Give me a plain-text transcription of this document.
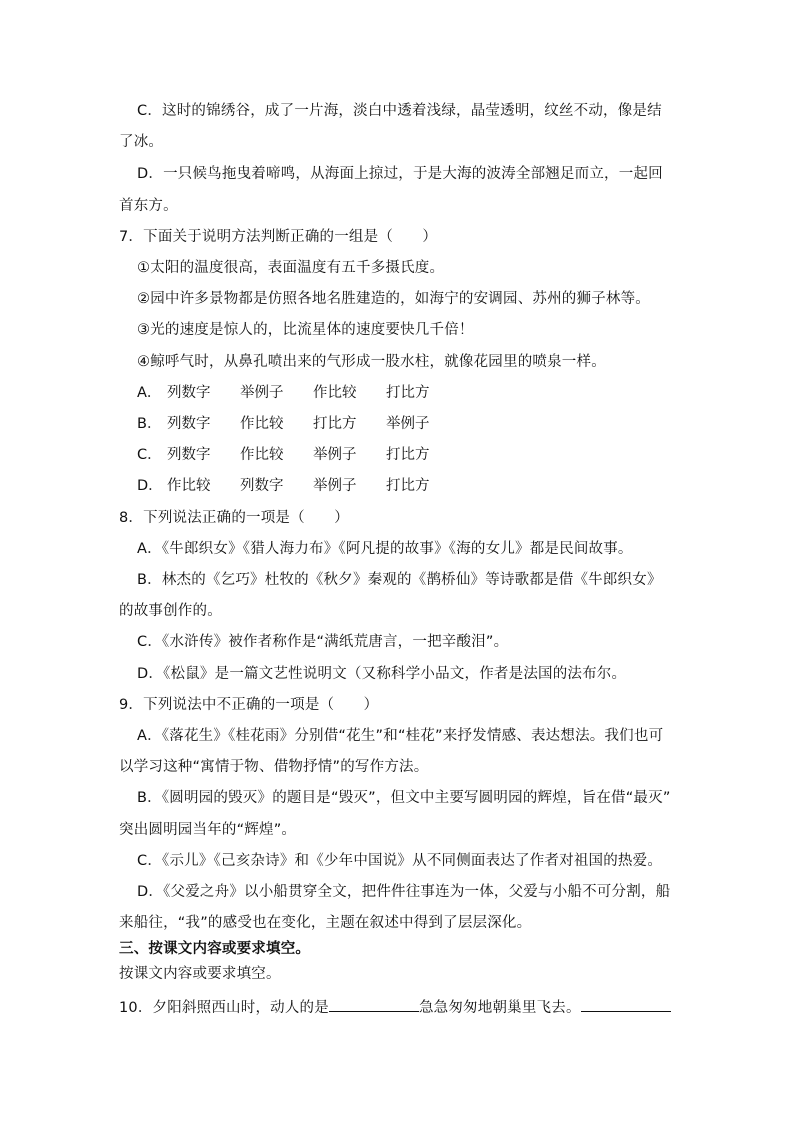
C．这时的锦绣谷，成了一片海，淡白中透着浅绿，晶莹透明，纹丝不动，像是结
了冰。
D．一只候鸟拖曳着啼鸣，从海面上掠过，于是大海的波涛全部翘足而立，一起回
首东方。
7．下面关于说明方法判断正确的一组是（　　）
①太阳的温度很高，表面温度有五千多摄氏度。
②园中许多景物都是仿照各地名胜建造的，如海宁的安调园、苏州的狮子林等。
③光的速度是惊人的，比流星体的速度要快几千倍！
④鲸呼气时，从鼻孔喷出来的气形成一股水柱，就像花园里的喷泉一样。
A． 列数字 举例子 作比较 打比方
B． 列数字 作比较 打比方 举例子
C． 列数字 作比较 举例子 打比方
D． 作比较 列数字 举例子 打比方
8．下列说法正确的一项是（　　）
A．《牛郎织女》《猎人海力布》《阿凡提的故事》《海的女儿》都是民间故事。
B．林杰的《乞巧》杜牧的《秋夕》秦观的《鹊桥仙》等诗歌都是借《牛郎织女》
的故事创作的。
C．《水浒传》被作者称作是“满纸荒唐言，一把辛酸泪”。
D．《松鼠》是一篇文艺性说明文（又称科学小品文，作者是法国的法布尔。
9．下列说法中不正确的一项是（　　）
A．《落花生》《桂花雨》分别借“花生”和“桂花”来抒发情感、表达想法。我们也可
以学习这种“寓情于物、借物抒情”的写作方法。
B．《圆明园的毁灭》的题目是“毁灭”，但文中主要写圆明园的辉煌，旨在借“最灭”
突出圆明园当年的“辉煌”。
C．《示儿》《己亥杂诗》和《少年中国说》从不同侧面表达了作者对祖国的热爱。
D．《父爱之舟》以小船贯穿全文，把件件往事连为一体，父爱与小船不可分割，船
来船往，“我”的感受也在变化，主题在叙述中得到了层层深化。
三、按课文内容或要求填空。
按课文内容或要求填空。
10．夕阳斜照西山时，动人的是	急急匆匆地朝巢里飞去。
